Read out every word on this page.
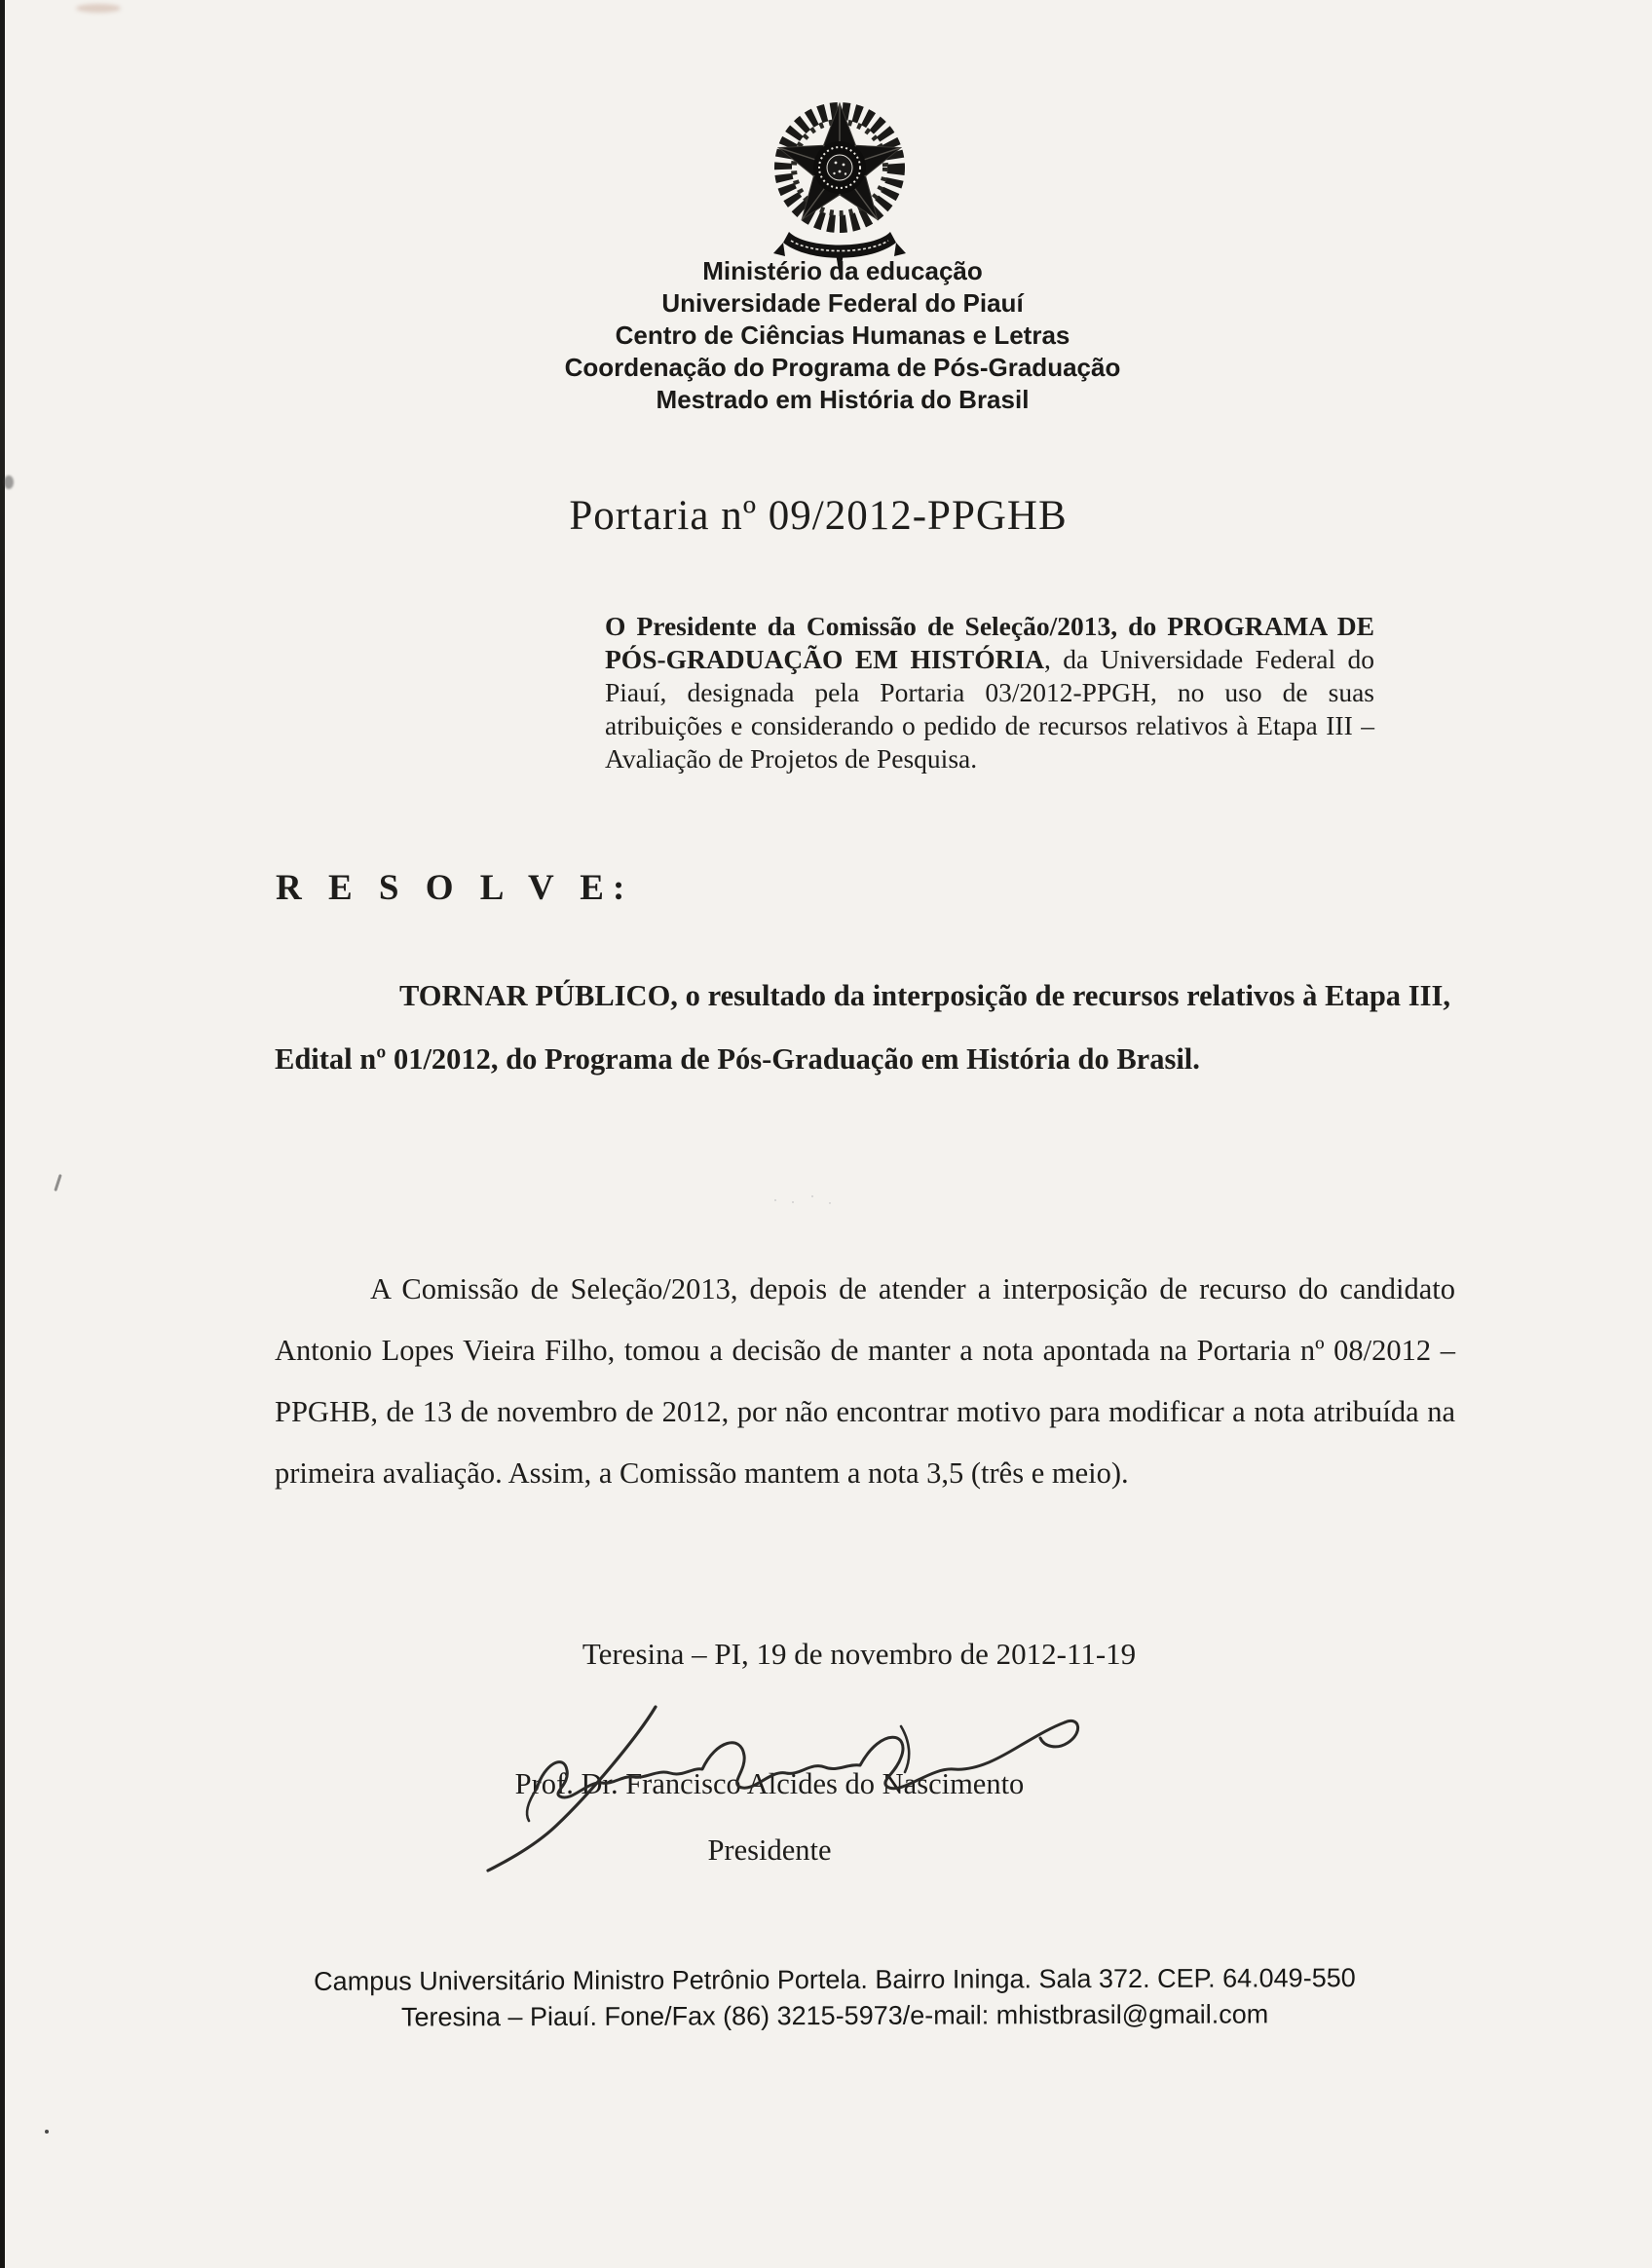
Ministério da educação
Universidade Federal do Piauí
Centro de Ciências Humanas e Letras
Coordenação do Programa de Pós-Graduação
Mestrado em História do Brasil
Portaria nº 09/2012-PPGHB
O Presidente da Comissão de Seleção/2013, do PROGRAMA DE PÓS-GRADUAÇÃO EM HISTÓRIA, da Universidade Federal do Piauí, designada pela Portaria 03/2012-PPGH, no uso de suas atribuições e considerando o pedido de recursos relativos à Etapa III – Avaliação de Projetos de Pesquisa.
R E S O L V E:
TORNAR PÚBLICO, o resultado da interposição de recursos relativos à Etapa III, Edital nº 01/2012, do Programa de Pós-Graduação em História do Brasil.
A Comissão de Seleção/2013, depois de atender a interposição de recurso do candidato Antonio Lopes Vieira Filho, tomou a decisão de manter a nota apontada na Portaria nº 08/2012 – PPGHB, de 13 de novembro de 2012, por não encontrar motivo para modificar a nota atribuída na primeira avaliação. Assim, a Comissão mantem a nota 3,5 (três e meio).
Teresina – PI, 19 de novembro de 2012-11-19
Prof. Dr. Francisco Alcides do Nascimento
Presidente
Campus Universitário Ministro Petrônio Portela. Bairro Ininga. Sala 372. CEP. 64.049-550
Teresina – Piauí. Fone/Fax (86) 3215-5973/e-mail: mhistbrasil@gmail.com
